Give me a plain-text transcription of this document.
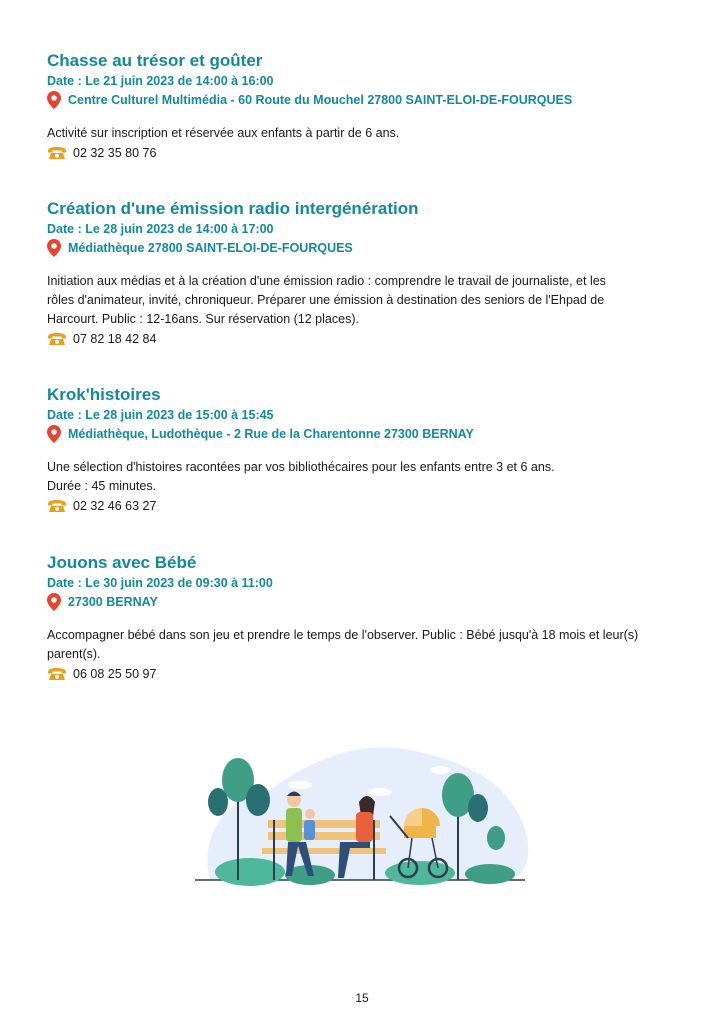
Chasse au trésor et goûter
Date : Le 21 juin 2023 de 14:00 à 16:00
Centre Culturel Multimédia - 60 Route du Mouchel 27800 SAINT-ELOI-DE-FOURQUES
Activité sur inscription et réservée aux enfants à partir de 6 ans.
02 32 35 80 76
Création d'une émission radio intergénération
Date : Le 28 juin 2023 de 14:00 à 17:00
Médiathèque 27800 SAINT-ELOI-DE-FOURQUES
Initiation aux médias et à la création d'une émission radio : comprendre le travail de journaliste, et les
rôles d'animateur, invité, chroniqueur. Préparer une émission à destination des seniors de l'Ehpad de
Harcourt. Public : 12-16ans. Sur réservation (12 places).
07 82 18 42 84
Krok'histoires
Date : Le 28 juin 2023 de 15:00 à 15:45
Médiathèque, Ludothèque - 2 Rue de la Charentonne 27300 BERNAY
Une sélection d'histoires racontées par vos bibliothécaires pour les enfants entre 3 et 6 ans.
Durée : 45 minutes.
02 32 46 63 27
Jouons avec Bébé
Date : Le 30 juin 2023 de 09:30 à 11:00
27300 BERNAY
Accompagner bébé dans son jeu et prendre le temps de l'observer. Public : Bébé jusqu'à 18 mois et leur(s)
parent(s).
06 08 25 50 97
15
